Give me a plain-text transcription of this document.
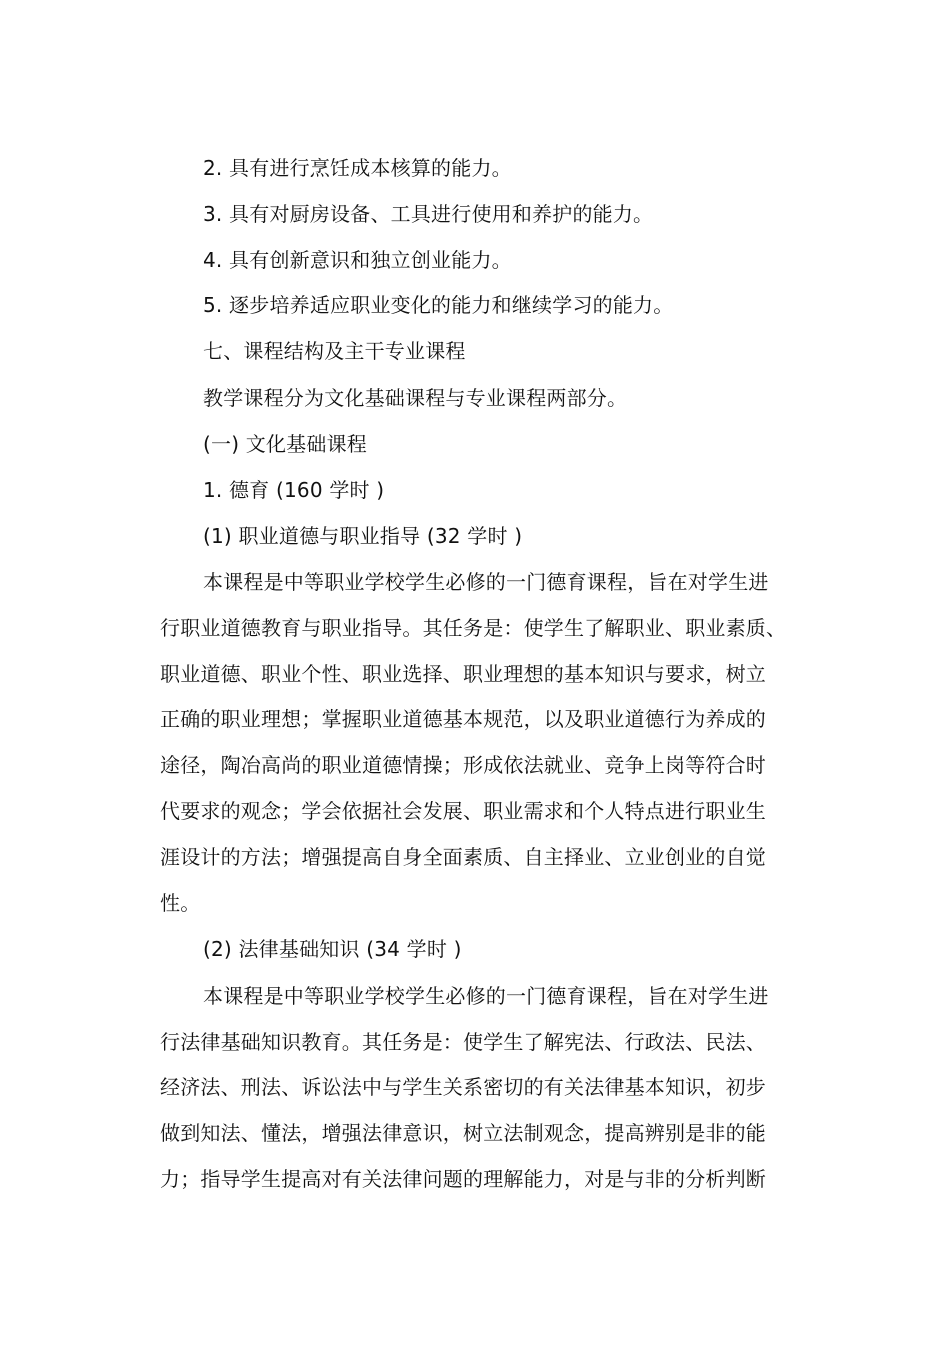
2. 具有进行烹饪成本核算的能力。
3. 具有对厨房设备、工具进行使用和养护的能力。
4. 具有创新意识和独立创业能力。
5. 逐步培养适应职业变化的能力和继续学习的能力。
七、课程结构及主干专业课程
教学课程分为文化基础课程与专业课程两部分。
(一) 文化基础课程
1. 德育 (160 学时 )
(1) 职业道德与职业指导 (32 学时 )
本课程是中等职业学校学生必修的一门德育课程，旨在对学生进
行职业道德教育与职业指导。其任务是：使学生了解职业、职业素质、
职业道德、职业个性、职业选择、职业理想的基本知识与要求，树立
正确的职业理想；掌握职业道德基本规范，以及职业道德行为养成的
途径，陶冶高尚的职业道德情操；形成依法就业、竞争上岗等符合时
代要求的观念；学会依据社会发展、职业需求和个人特点进行职业生
涯设计的方法；增强提高自身全面素质、自主择业、立业创业的自觉
性。
(2) 法律基础知识 (34 学时 )
本课程是中等职业学校学生必修的一门德育课程，旨在对学生进
行法律基础知识教育。其任务是：使学生了解宪法、行政法、民法、
经济法、刑法、诉讼法中与学生关系密切的有关法律基本知识，初步
做到知法、懂法，增强法律意识，树立法制观念，提高辨别是非的能
力；指导学生提高对有关法律问题的理解能力，对是与非的分析判断
